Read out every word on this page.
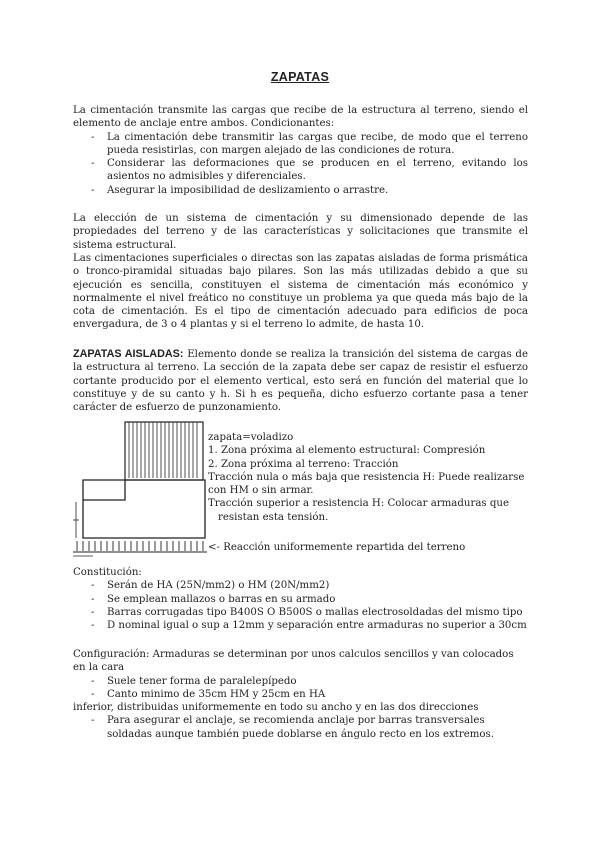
ZAPATAS
La cimentación transmite las cargas que recibe de la estructura al terreno, siendo el elemento de anclaje entre ambos. Condicionantes:
- La cimentación debe transmitir las cargas que recibe, de modo que el terreno pueda resistirlas, con margen alejado de las condiciones de rotura.
- Considerar las deformaciones que se producen en el terreno, evitando los asientos no admisibles y diferenciales.
- Asegurar la imposibilidad de deslizamiento o arrastre.
La elección de un sistema de cimentación y su dimensionado depende de las propiedades del terreno y de las características y solicitaciones que transmite el sistema estructural.
Las cimentaciones superficiales o directas son las zapatas aisladas de forma prismática o tronco-piramidal situadas bajo pilares. Son las más utilizadas debido a que su ejecución es sencilla, constituyen el sistema de cimentación más económico y normalmente el nivel freático no constituye un problema ya que queda más bajo de la cota de cimentación. Es el tipo de cimentación adecuado para edificios de poca envergadura, de 3 o 4 plantas y si el terreno lo admite, de hasta 10.
ZAPATAS AISLADAS: Elemento donde se realiza la transición del sistema de cargas de la estructura al terreno. La sección de la zapata debe ser capaz de resistir el esfuerzo cortante producido por el elemento vertical, esto será en función del material que lo constituye y de su canto y h. Si h es pequeña, dicho esfuerzo cortante pasa a tener carácter de esfuerzo de punzonamiento.
zapata=voladizo
1. Zona próxima al elemento estructural: Compresión
2. Zona próxima al terreno: Tracción
Tracción nula o más baja que resistencia H: Puede realizarse
con HM o sin armar.
Tracción superior a resistencia H: Colocar armaduras que
resistan esta tensión.
<- Reacción uniformemente repartida del terreno
Constitución:
- Serán de HA (25N/mm2) o HM (20N/mm2)
- Se emplean mallazos o barras en su armado
- Barras corrugadas tipo B400S O B500S o mallas electrosoldadas del mismo tipo
- D nominal igual o sup a 12mm y separación entre armaduras no superior a 30cm
Configuración: Armaduras se determinan por unos calculos sencillos y van colocados en la cara
- Suele tener forma de paralelepípedo
- Canto minimo de 35cm HM y 25cm en HA
inferior, distribuidas uniformemente en todo su ancho y en las dos direcciones
- Para asegurar el anclaje, se recomienda anclaje por barras transversales soldadas aunque también puede doblarse en ángulo recto en los extremos.
